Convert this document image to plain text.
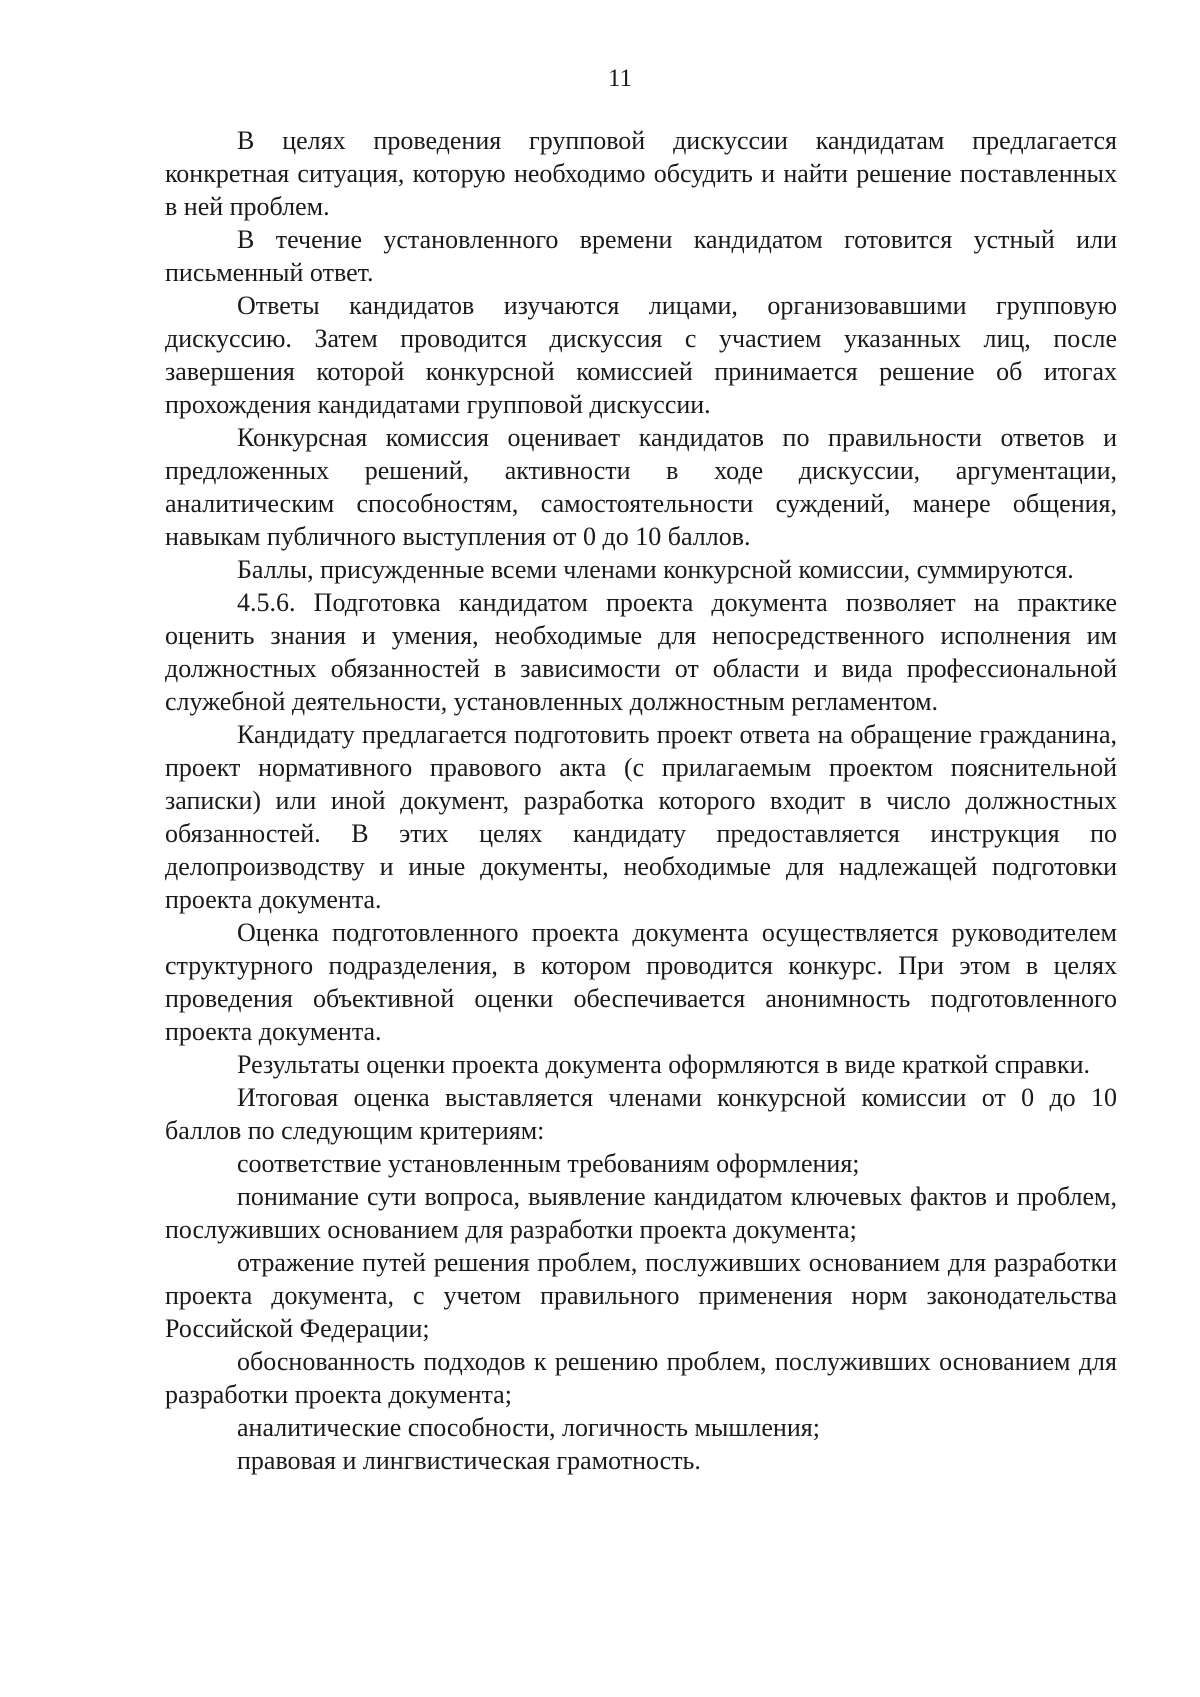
11

В целях проведения групповой дискуссии кандидатам предлагается конкретная ситуация, которую необходимо обсудить и найти решение поставленных в ней проблем.

В течение установленного времени кандидатом готовится устный или письменный ответ.

Ответы кандидатов изучаются лицами, организовавшими групповую дискуссию. Затем проводится дискуссия с участием указанных лиц, после завершения которой конкурсной комиссией принимается решение об итогах прохождения кандидатами групповой дискуссии.

Конкурсная комиссия оценивает кандидатов по правильности ответов и предложенных решений, активности в ходе дискуссии, аргументации, аналитическим способностям, самостоятельности суждений, манере общения, навыкам публичного выступления от 0 до 10 баллов.

Баллы, присужденные всеми членами конкурсной комиссии, суммируются.

4.5.6. Подготовка кандидатом проекта документа позволяет на практике оценить знания и умения, необходимые для непосредственного исполнения им должностных обязанностей в зависимости от области и вида профессиональной служебной деятельности, установленных должностным регламентом.

Кандидату предлагается подготовить проект ответа на обращение гражданина, проект нормативного правового акта (с прилагаемым проектом пояснительной записки) или иной документ, разработка которого входит в число должностных обязанностей. В этих целях кандидату предоставляется инструкция по делопроизводству и иные документы, необходимые для надлежащей подготовки проекта документа.

Оценка подготовленного проекта документа осуществляется руководителем структурного подразделения, в котором проводится конкурс. При этом в целях проведения объективной оценки обеспечивается анонимность подготовленного проекта документа.

Результаты оценки проекта документа оформляются в виде краткой справки.

Итоговая оценка выставляется членами конкурсной комиссии от 0 до 10 баллов по следующим критериям:

соответствие установленным требованиям оформления;

понимание сути вопроса, выявление кандидатом ключевых фактов и проблем, послуживших основанием для разработки проекта документа;

отражение путей решения проблем, послуживших основанием для разработки проекта документа, с учетом правильного применения норм законодательства Российской Федерации;

обоснованность подходов к решению проблем, послуживших основанием для разработки проекта документа;

аналитические способности, логичность мышления;

правовая и лингвистическая грамотность.
